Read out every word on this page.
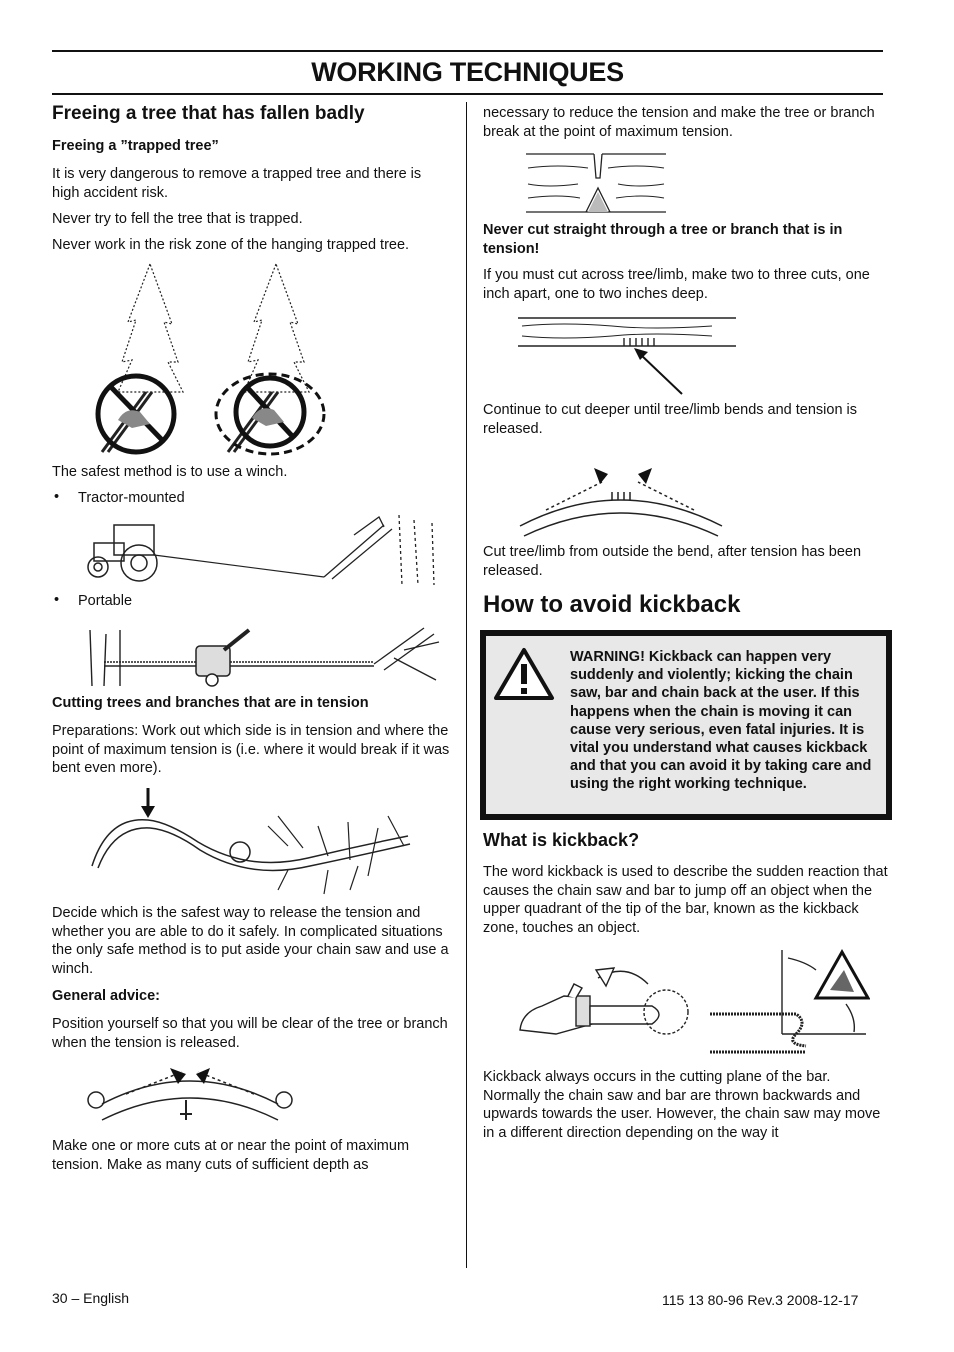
WORKING TECHNIQUES
Freeing a tree that has fallen badly
Freeing a ”trapped tree”
It is very dangerous to remove a trapped tree and there is high accident risk.
Never try to fell the tree that is trapped.
Never work in the risk zone of the hanging trapped tree.
The safest method is to use a winch.
• Tractor-mounted
• Portable
Cutting trees and branches that are in tension
Preparations: Work out which side is in tension and where the point of maximum tension is (i.e. where it would break if it was bent even more).
Decide which is the safest way to release the tension and whether you are able to do it safely. In complicated situations the only safe method is to put aside your chain saw and use a winch.
General advice:
Position yourself so that you will be clear of the tree or branch when the tension is released.
Make one or more cuts at or near the point of maximum tension. Make as many cuts of sufficient depth as
necessary to reduce the tension and make the tree or branch break at the point of maximum tension.
Never cut straight through a tree or branch that is in tension!
If you must cut across tree/limb, make two to three cuts, one inch apart, one to two inches deep.
Continue to cut deeper until tree/limb bends and tension is released.
Cut tree/limb from outside the bend, after tension has been released.
How to avoid kickback
WARNING! Kickback can happen very suddenly and violently; kicking the chain saw, bar and chain back at the user. If this happens when the chain is moving it can cause very serious, even fatal injuries. It is vital you understand what causes kickback and that you can avoid it by taking care and using the right working technique.
What is kickback?
The word kickback is used to describe the sudden reaction that causes the chain saw and bar to jump off an object when the upper quadrant of the tip of the bar, known as the kickback zone, touches an object.
Kickback always occurs in the cutting plane of the bar. Normally the chain saw and bar are thrown backwards and upwards towards the user. However, the chain saw may move in a different direction depending on the way it
30 – English	115 13 80-96 Rev.3 2008-12-17
